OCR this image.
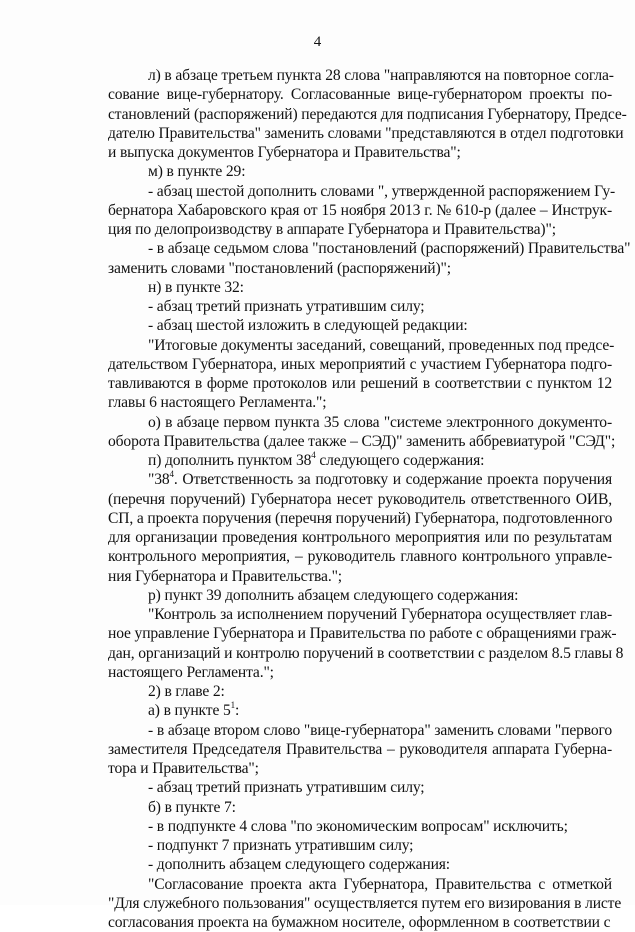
4
л) в абзаце третьем пункта 28 слова "направляются на повторное согла-
сование вице-губернатору. Согласованные вице-губернатором проекты по-
становлений (распоряжений) передаются для подписания Губернатору, Предсе-
дателю Правительства" заменить словами "представляются в отдел подготовки
и выпуска документов Губернатора и Правительства";
м) в пункте 29:
- абзац шестой дополнить словами ", утвержденной распоряжением Гу-
бернатора Хабаровского края от 15 ноября 2013 г. № 610-р (далее – Инструк-
ция по делопроизводству в аппарате Губернатора и Правительства)";
- в абзаце седьмом слова "постановлений (распоряжений) Правительства"
заменить словами "постановлений (распоряжений)";
н) в пункте 32:
- абзац третий признать утратившим силу;
- абзац шестой изложить в следующей редакции:
"Итоговые документы заседаний, совещаний, проведенных под предсе-
дательством Губернатора, иных мероприятий с участием Губернатора подго-
тавливаются в форме протоколов или решений в соответствии с пунктом 12
главы 6 настоящего Регламента.";
о) в абзаце первом пункта 35 слова "системе электронного документо-
оборота Правительства (далее также – СЭД)" заменить аббревиатурой "СЭД";
п) дополнить пунктом $38^4$ следующего содержания:
"$38^4$. Ответственность за подготовку и содержание проекта поручения
(перечня поручений) Губернатора несет руководитель ответственного ОИВ,
СП, а проекта поручения (перечня поручений) Губернатора, подготовленного
для организации проведения контрольного мероприятия или по результатам
контрольного мероприятия, – руководитель главного контрольного управле-
ния Губернатора и Правительства.";
р) пункт 39 дополнить абзацем следующего содержания:
"Контроль за исполнением поручений Губернатора осуществляет глав-
ное управление Губернатора и Правительства по работе с обращениями граж-
дан, организаций и контролю поручений в соответствии с разделом 8.5 главы 8
настоящего Регламента.";
2) в главе 2:
а) в пункте $5^1$:
- в абзаце втором слово "вице-губернатора" заменить словами "первого
заместителя Председателя Правительства – руководителя аппарата Губерна-
тора и Правительства";
- абзац третий признать утратившим силу;
б) в пункте 7:
- в подпункте 4 слова "по экономическим вопросам" исключить;
- подпункт 7 признать утратившим силу;
- дополнить абзацем следующего содержания:
"Согласование проекта акта Губернатора, Правительства с отметкой
"Для служебного пользования" осуществляется путем его визирования в листе
согласования проекта на бумажном носителе, оформленном в соответствии с
